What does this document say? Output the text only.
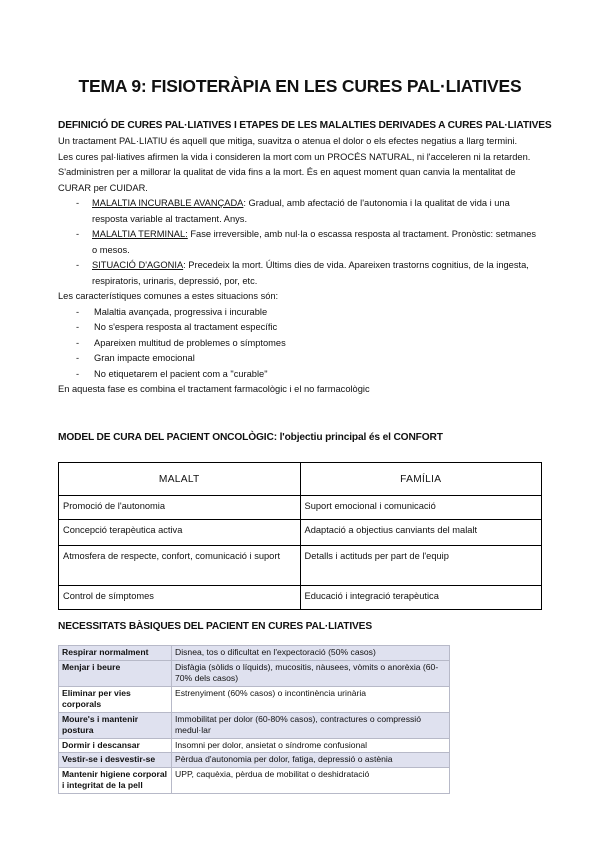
TEMA 9: FISIOTERÀPIA EN LES CURES PAL·LIATIVES
DEFINICIÓ DE CURES PAL·LIATIVES I ETAPES DE LES MALALTIES DERIVADES A CURES PAL·LIATIVES

Un tractament PAL·LIATIU és aquell que mitiga, suavitza o atenua el dolor o els efectes negatius a llarg termini.

Les cures pal·liatives afirmen la vida i consideren la mort com un PROCÉS NATURAL, ni l'acceleren ni la retarden. S'administren per a millorar la qualitat de vida fins a la mort. És en aquest moment quan canvia la mentalitat de CURAR per CUIDAR.

- MALALTIA INCURABLE AVANÇADA: Gradual, amb afectació de l'autonomia i la qualitat de vida i una resposta variable al tractament. Anys.
- MALALTIA TERMINAL: Fase irreversible, amb nul·la o escassa resposta al tractament. Pronòstic: setmanes o mesos.
- SITUACIÓ D'AGONIA: Precedeix la mort. Últims dies de vida. Apareixen trastorns cognitius, de la ingesta, respiratoris, urinaris, depressió, por, etc.

Les característiques comunes a estes situacions són:

- Malaltia avançada, progressiva i incurable
- No s'espera resposta al tractament específic
- Apareixen multitud de problemes o símptomes
- Gran impacte emocional
- No etiquetarem el pacient com a "curable"

En aquesta fase es combina el tractament farmacològic i el no farmacològic

MODEL DE CURA DEL PACIENT ONCOLÒGIC: l'objectiu principal és el CONFORT
MALALT	FAMÍLIA
Promoció de l'autonomia	Suport emocional i comunicació
Concepció terapèutica activa	Adaptació a objectius canviants del malalt
Atmosfera de respecte, confort, comunicació i suport	Detalls i actituds per part de l'equip
Control de símptomes	Educació i integració terapèutica
NECESSITATS BÀSIQUES DEL PACIENT EN CURES PAL·LIATIVES
Respirar normalment	Disnea, tos o dificultat en l'expectoració (50% casos)
Menjar i beure	Disfàgia (sòlids o líquids), mucositis, nàusees, vòmits o anorèxia (60-70% dels casos)
Eliminar per vies corporals	Estrenyiment (60% casos) o incontinència urinària
Moure's i mantenir postura	Immobilitat per dolor (60-80% casos), contractures o compressió medul·lar
Dormir i descansar	Insomni per dolor, ansietat o síndrome confusional
Vestir-se i desvestir-se	Pèrdua d'autonomia per dolor, fatiga, depressió o astènia
Mantenir higiene corporal i integritat de la pell	UPP, caquèxia, pèrdua de mobilitat o deshidratació
